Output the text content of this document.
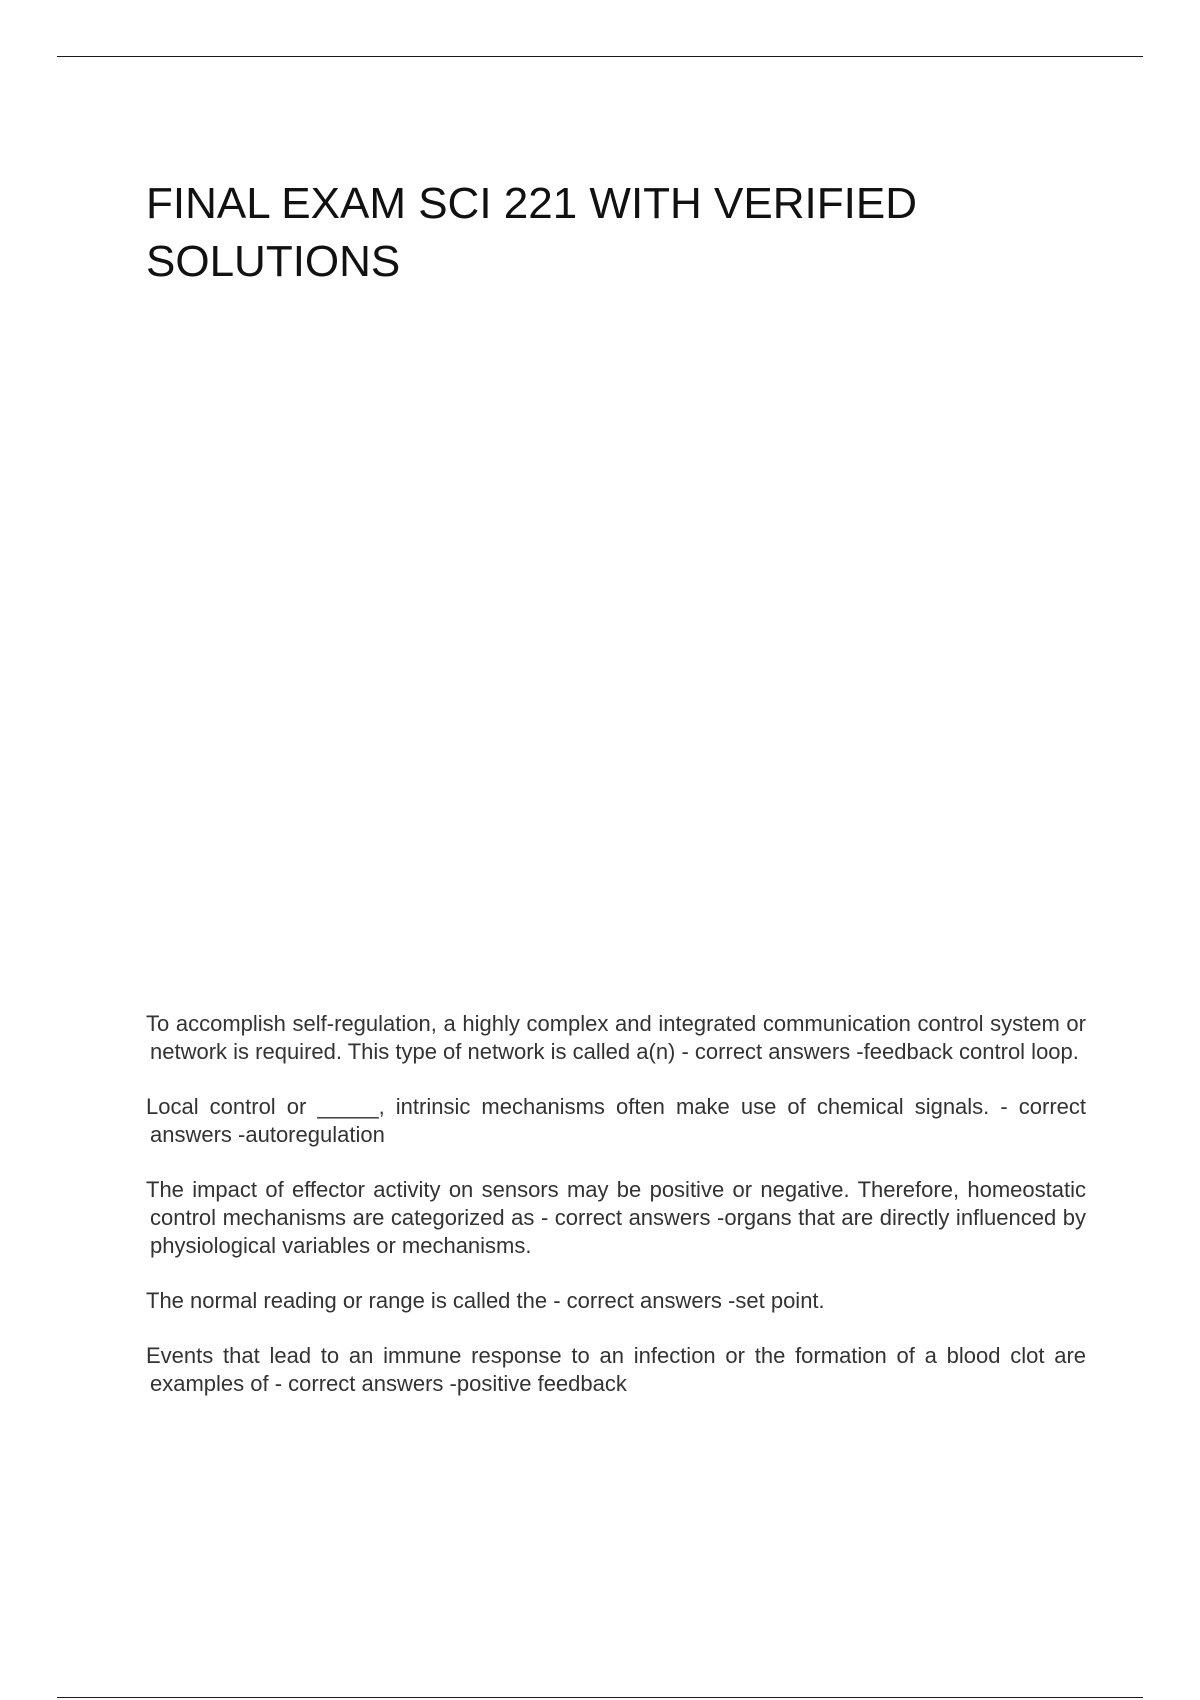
FINAL EXAM SCI 221 WITH VERIFIED SOLUTIONS
To accomplish self-regulation, a highly complex and integrated communication control system or network is required. This type of network is called a(n) - correct answers -feedback control loop.
Local control or _____, intrinsic mechanisms often make use of chemical signals. - correct answers -autoregulation
The impact of effector activity on sensors may be positive or negative. Therefore, homeostatic control mechanisms are categorized as - correct answers -organs that are directly influenced by physiological variables or mechanisms.
The normal reading or range is called the - correct answers -set point.
Events that lead to an immune response to an infection or the formation of a blood clot are examples of - correct answers -positive feedback
